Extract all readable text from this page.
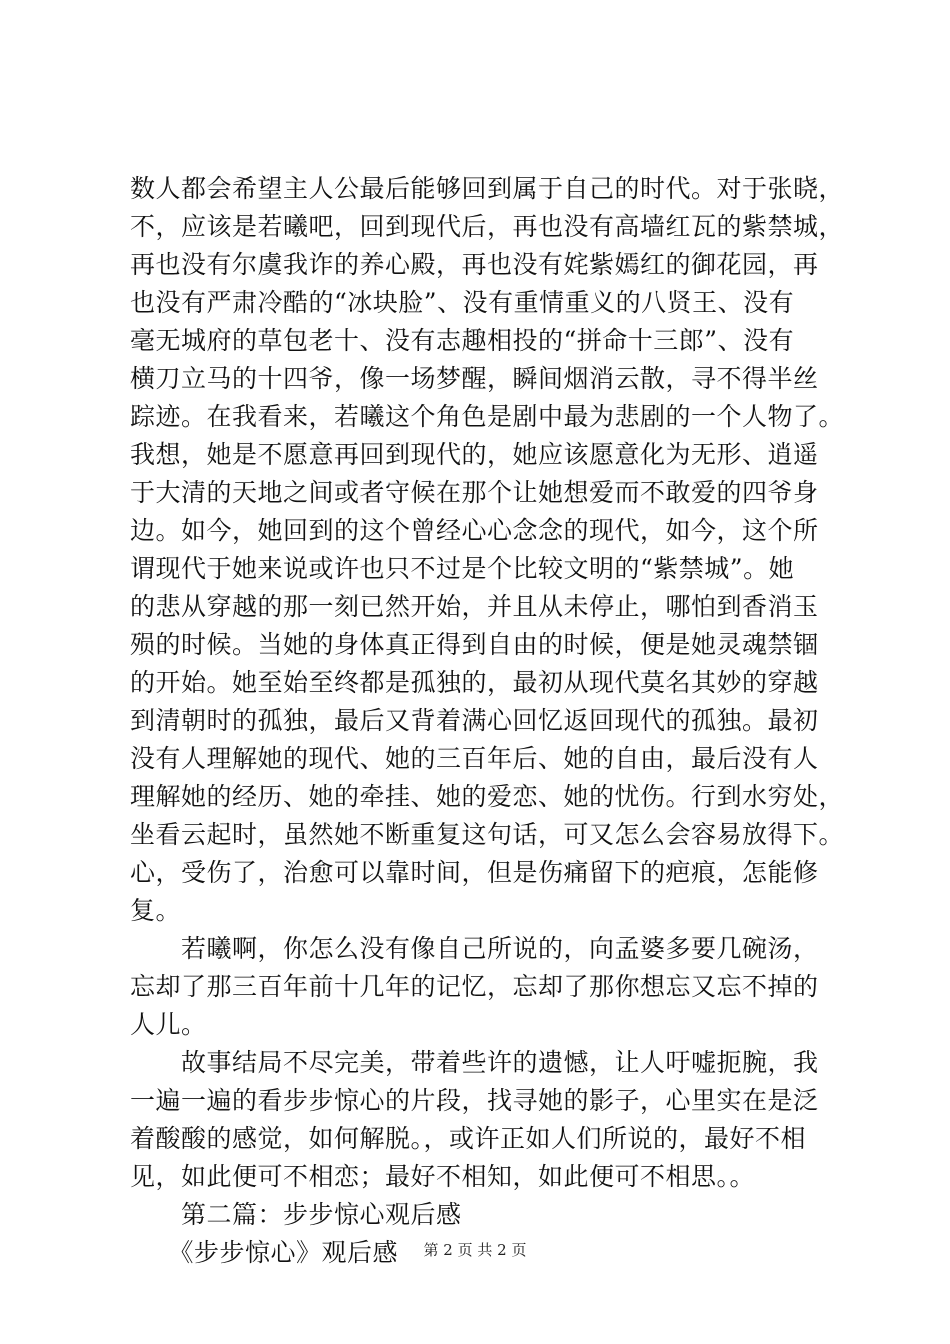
数人都会希望主人公最后能够回到属于自己的时代。对于张晓，
不，应该是若曦吧，回到现代后，再也没有高墙红瓦的紫禁城，
再也没有尔虞我诈的养心殿，再也没有姹紫嫣红的御花园，再
也没有严肃冷酷的“冰块脸”、没有重情重义的八贤王、没有
毫无城府的草包老十、没有志趣相投的“拼命十三郎”、没有
横刀立马的十四爷，像一场梦醒，瞬间烟消云散，寻不得半丝
踪迹。在我看来，若曦这个角色是剧中最为悲剧的一个人物了。
我想，她是不愿意再回到现代的，她应该愿意化为无形、逍遥
于大清的天地之间或者守候在那个让她想爱而不敢爱的四爷身
边。如今，她回到的这个曾经心心念念的现代，如今，这个所
谓现代于她来说或许也只不过是个比较文明的“紫禁城”。她
的悲从穿越的那一刻已然开始，并且从未停止，哪怕到香消玉
殒的时候。当她的身体真正得到自由的时候，便是她灵魂禁锢
的开始。她至始至终都是孤独的，最初从现代莫名其妙的穿越
到清朝时的孤独，最后又背着满心回忆返回现代的孤独。最初
没有人理解她的现代、她的三百年后、她的自由，最后没有人
理解她的经历、她的牵挂、她的爱恋、她的忧伤。行到水穷处，
坐看云起时，虽然她不断重复这句话，可又怎么会容易放得下。
心，受伤了，治愈可以靠时间，但是伤痛留下的疤痕，怎能修
复。
　　若曦啊，你怎么没有像自己所说的，向孟婆多要几碗汤，
忘却了那三百年前十几年的记忆，忘却了那你想忘又忘不掉的
人儿。
　　故事结局不尽完美，带着些许的遗憾，让人吁嘘扼腕，我
一遍一遍的看步步惊心的片段，找寻她的影子，心里实在是泛
着酸酸的感觉，如何解脱。，或许正如人们所说的，最好不相
见，如此便可不相恋；最好不相知，如此便可不相思。。
　　第二篇：步步惊心观后感
　　《步步惊心》观后感	第 2 页 共 2 页
